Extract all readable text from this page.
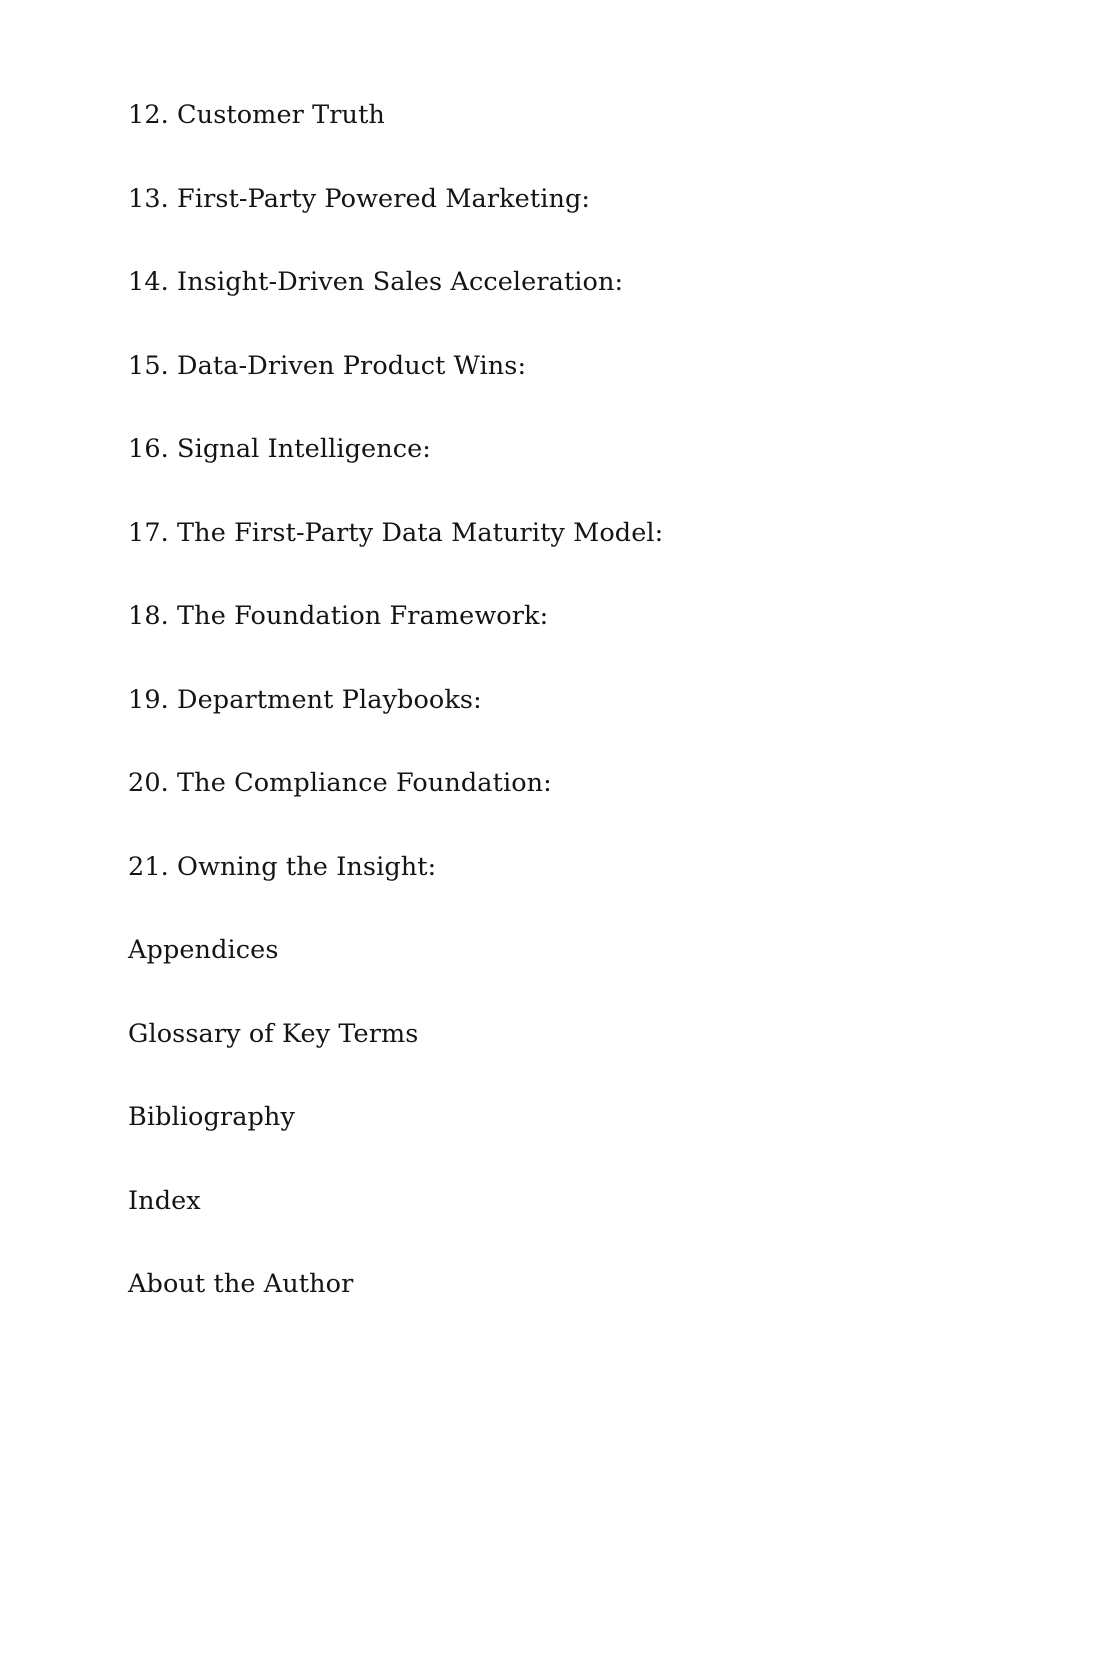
12. Customer Truth
13. First-Party Powered Marketing:
14. Insight-Driven Sales Acceleration:
15. Data-Driven Product Wins:
16. Signal Intelligence:
17. The First-Party Data Maturity Model:
18. The Foundation Framework:
19. Department Playbooks:
20. The Compliance Foundation:
21. Owning the Insight:
Appendices
Glossary of Key Terms
Bibliography
Index
About the Author
